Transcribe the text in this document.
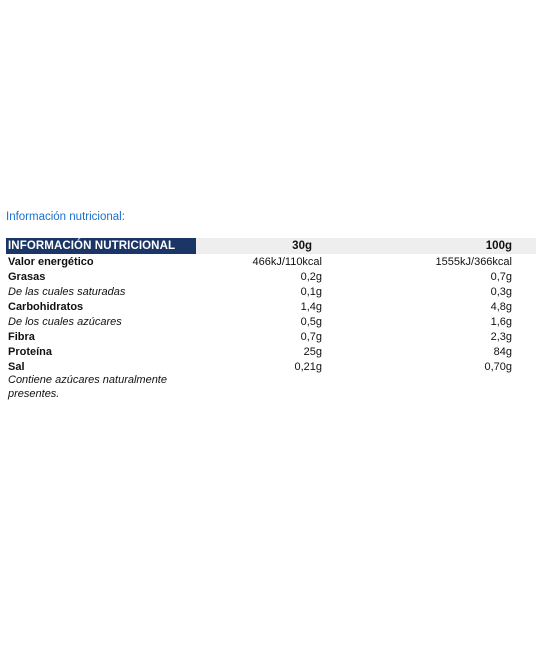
Información nutricional:
INFORMACIÓN NUTRICIONAL	30g	100g
Valor energético	466kJ/110kcal	1555kJ/366kcal
Grasas	0,2g	0,7g
De las cuales saturadas	0,1g	0,3g
Carbohidratos	1,4g	4,8g
De los cuales azúcares	0,5g	1,6g
Fibra	0,7g	2,3g
Proteína	25g	84g
Sal	0,21g	0,70g
Contiene azúcares naturalmente presentes.
